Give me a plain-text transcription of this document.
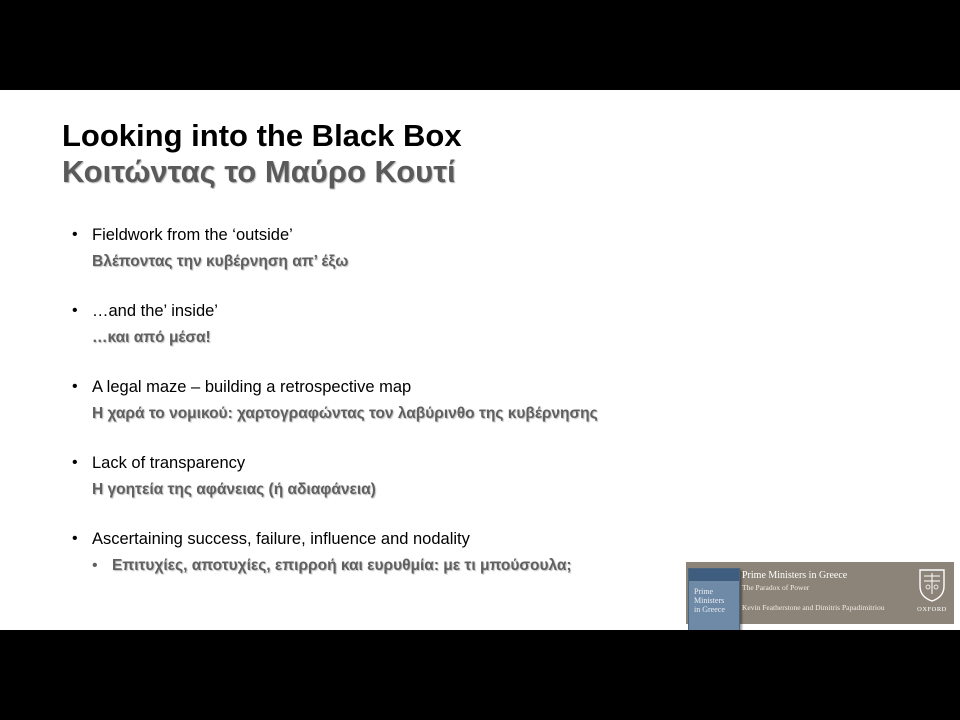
Looking into the Black Box
Κοιτώντας το Μαύρο Κουτί
• Fieldwork from the ‘outside’
Βλέποντας την κυβέρνηση απ’ έξω
• …and the’ inside’
…και από μέσα!
• A legal maze – building a retrospective map
Η χαρά το νομικού: χαρτογραφώντας τον λαβύρινθο της κυβέρνησης
• Lack of transparency
Η γοητεία της αφάνειας (ή αδιαφάνεια)
• Ascertaining success, failure, influence and nodality
• Επιτυχίες, αποτυχίες, επιρροή και ευρυθμία: με τι μπούσουλα;
Prime
Ministers
in Greece
Prime Ministers in Greece
The Paradox of Power
Kevin Featherstone and Dimitris Papadimitriou	OXFORD
